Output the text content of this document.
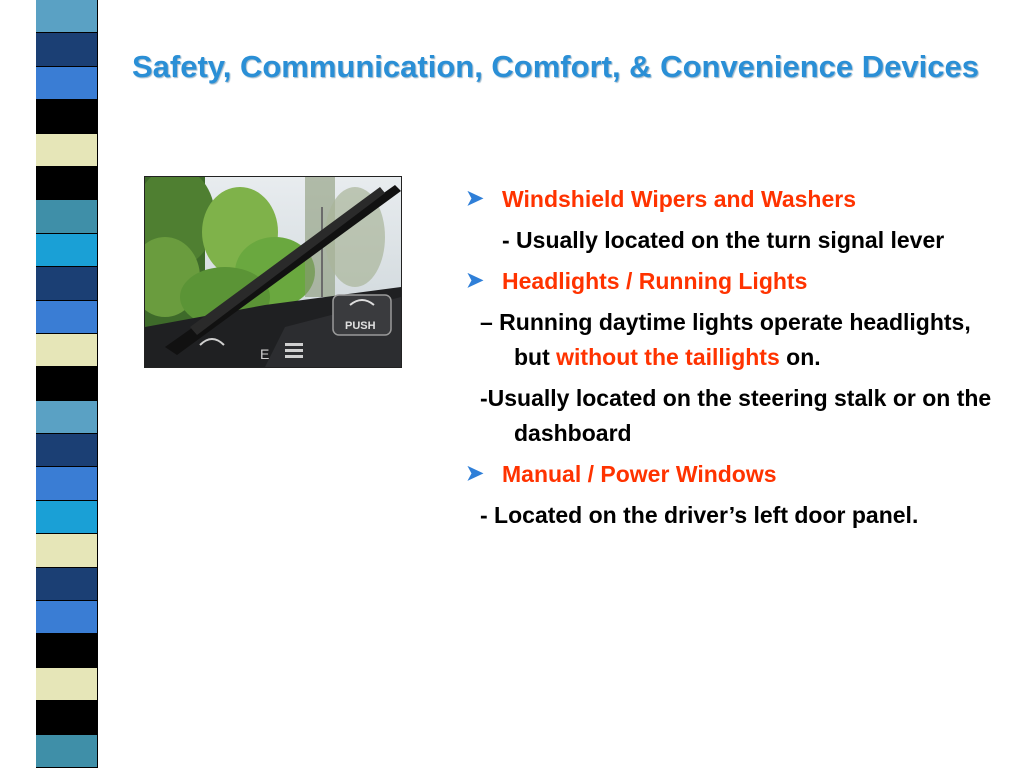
Safety, Communication, Comfort, & Convenience Devices
PUSH
E
➤ Windshield Wipers and Washers
- Usually located on the turn signal lever
➤ Headlights / Running Lights
– Running daytime lights operate headlights, but without the taillights on.
-Usually located on the steering stalk or on the dashboard
➤ Manual / Power Windows
- Located on the driver’s left door panel.
